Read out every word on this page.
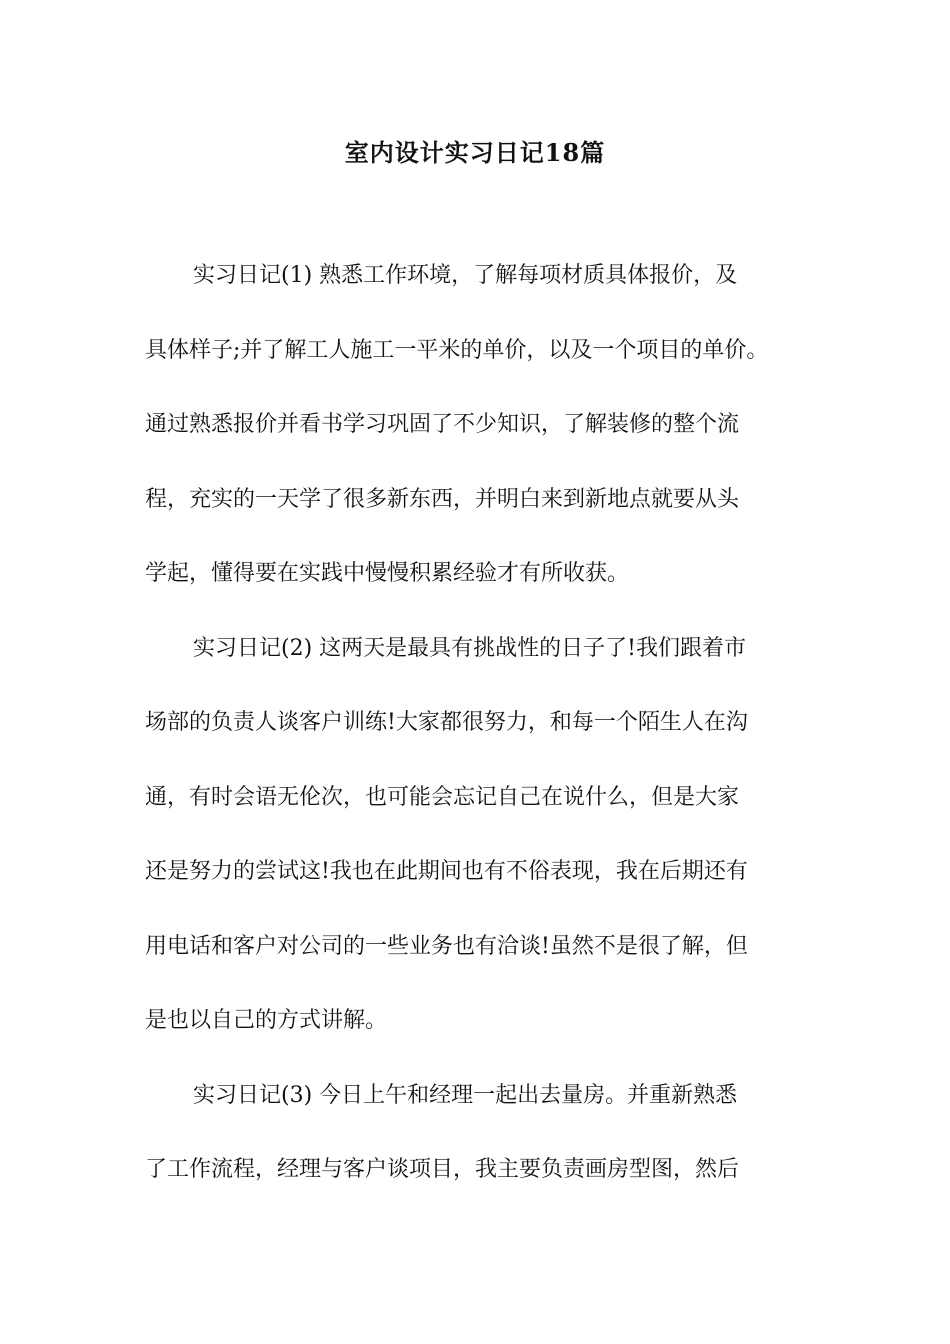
室内设计实习日记18篇
实习日记(1) 熟悉工作环境，了解每项材质具体报价，及
具体样子;并了解工人施工一平米的单价，以及一个项目的单价。
通过熟悉报价并看书学习巩固了不少知识，了解装修的整个流
程，充实的一天学了很多新东西，并明白来到新地点就要从头
学起，懂得要在实践中慢慢积累经验才有所收获。
实习日记(2) 这两天是最具有挑战性的日子了!我们跟着市
场部的负责人谈客户训练!大家都很努力，和每一个陌生人在沟
通，有时会语无伦次，也可能会忘记自己在说什么，但是大家
还是努力的尝试这!我也在此期间也有不俗表现，我在后期还有
用电话和客户对公司的一些业务也有洽谈!虽然不是很了解，但
是也以自己的方式讲解。
实习日记(3) 今日上午和经理一起出去量房。并重新熟悉
了工作流程，经理与客户谈项目，我主要负责画房型图，然后
